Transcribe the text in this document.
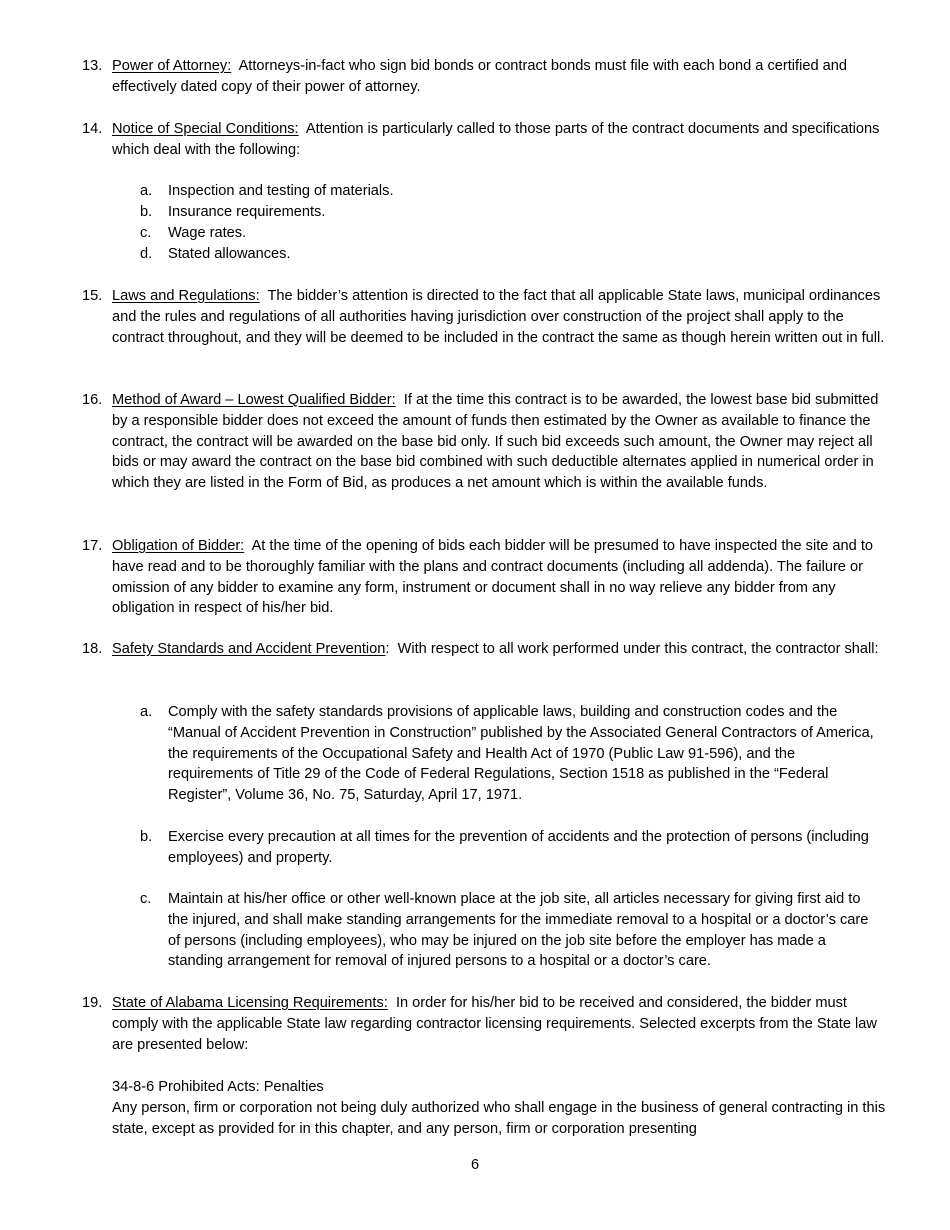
13. Power of Attorney: Attorneys-in-fact who sign bid bonds or contract bonds must file with each bond a certified and effectively dated copy of their power of attorney.

14. Notice of Special Conditions: Attention is particularly called to those parts of the contract documents and specifications which deal with the following:

a. Inspection and testing of materials.

b. Insurance requirements.

c. Wage rates.

d. Stated allowances.

15. Laws and Regulations: The bidder’s attention is directed to the fact that all applicable State laws, municipal ordinances and the rules and regulations of all authorities having jurisdiction over construction of the project shall apply to the contract throughout, and they will be deemed to be included in the contract the same as though herein written out in full.

16. Method of Award – Lowest Qualified Bidder: If at the time this contract is to be awarded, the lowest base bid submitted by a responsible bidder does not exceed the amount of funds then estimated by the Owner as available to finance the contract, the contract will be awarded on the base bid only. If such bid exceeds such amount, the Owner may reject all bids or may award the contract on the base bid combined with such deductible alternates applied in numerical order in which they are listed in the Form of Bid, as produces a net amount which is within the available funds.

17. Obligation of Bidder: At the time of the opening of bids each bidder will be presumed to have inspected the site and to have read and to be thoroughly familiar with the plans and contract documents (including all addenda). The failure or omission of any bidder to examine any form, instrument or document shall in no way relieve any bidder from any obligation in respect of his/her bid.

18. Safety Standards and Accident Prevention: With respect to all work performed under this contract, the contractor shall:

a. Comply with the safety standards provisions of applicable laws, building and construction codes and the “Manual of Accident Prevention in Construction” published by the Associated General Contractors of America, the requirements of the Occupational Safety and Health Act of 1970 (Public Law 91-596), and the requirements of Title 29 of the Code of Federal Regulations, Section 1518 as published in the “Federal Register”, Volume 36, No. 75, Saturday, April 17, 1971.

b. Exercise every precaution at all times for the prevention of accidents and the protection of persons (including employees) and property.

c. Maintain at his/her office or other well-known place at the job site, all articles necessary for giving first aid to the injured, and shall make standing arrangements for the immediate removal to a hospital or a doctor’s care of persons (including employees), who may be injured on the job site before the employer has made a standing arrangement for removal of injured persons to a hospital or a doctor’s care.

19. State of Alabama Licensing Requirements: In order for his/her bid to be received and considered, the bidder must comply with the applicable State law regarding contractor licensing requirements. Selected excerpts from the State law are presented below:

34-8-6 Prohibited Acts: Penalties

Any person, firm or corporation not being duly authorized who shall engage in the business of general contracting in this state, except as provided for in this chapter, and any person, firm or corporation presenting

6
